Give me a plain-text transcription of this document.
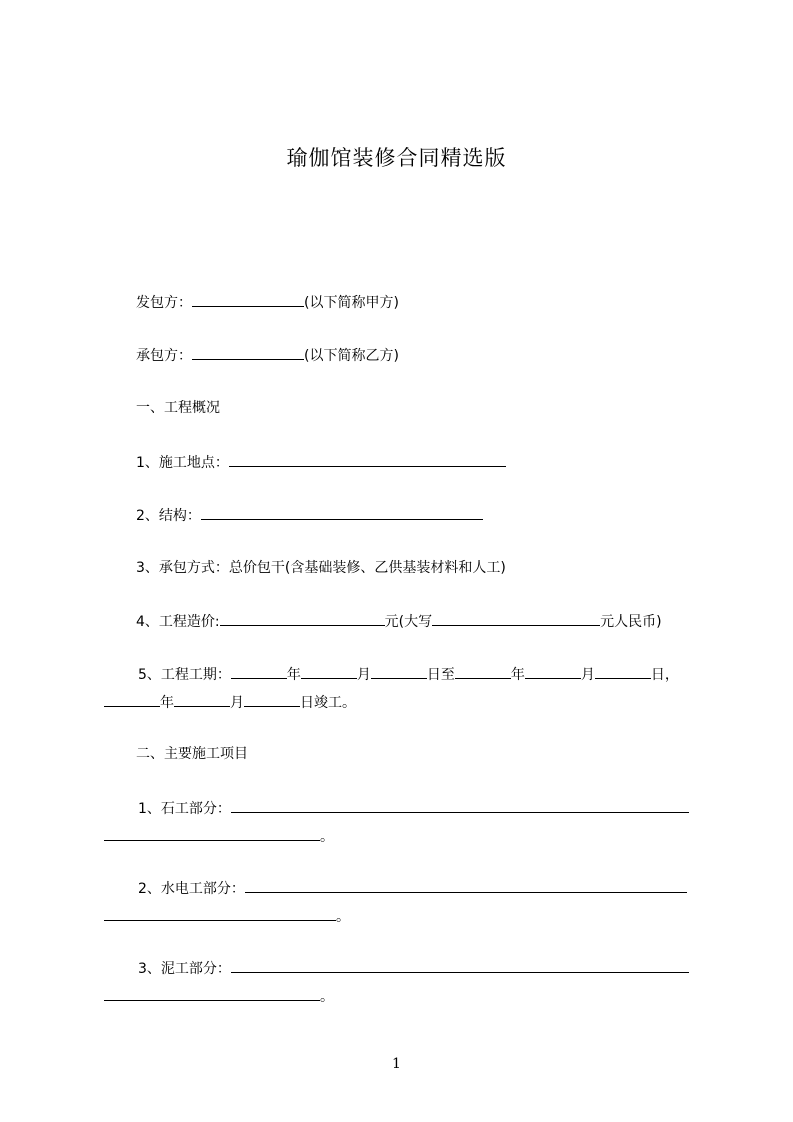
瑜伽馆装修合同精选版
发包方：	(以下简称甲方)
承包方：	(以下简称乙方)
一、工程概况
1、施工地点：
2、结构：
3、承包方式：总价包干(含基础装修、乙供基装材料和人工)
4、工程造价:	元(大写	元人民币)
5、工程工期：	年	月	日至	年	月	日，
年	月	日竣工。
二、主要施工项目
1、石工部分：
。
2、水电工部分：
。
3、泥工部分：
。
1
